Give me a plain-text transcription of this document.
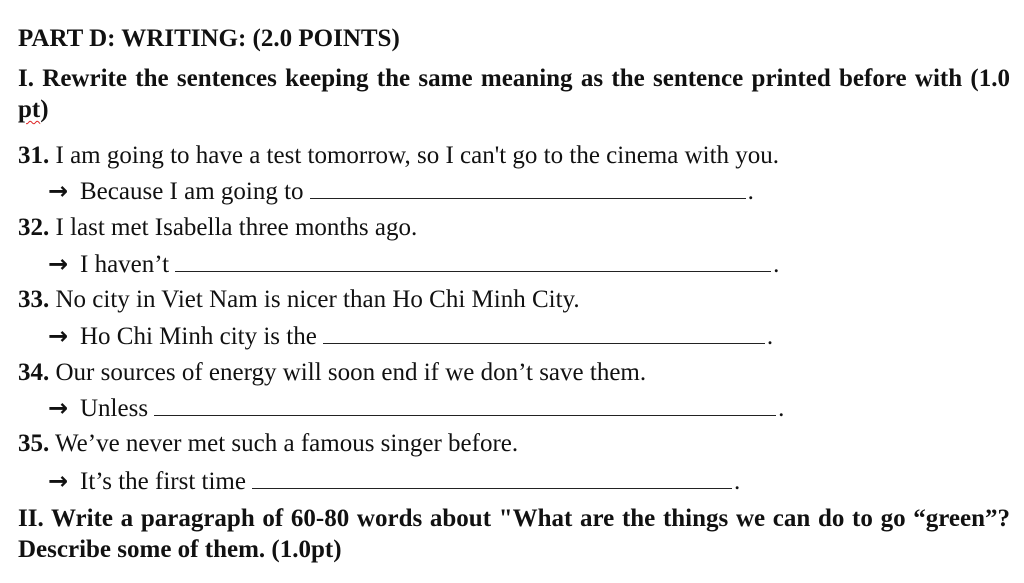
PART D: WRITING: (2.0 POINTS)
I. Rewrite the sentences keeping the same meaning as the sentence printed before with (1.0 pt)
31. I am going to have a test tomorrow, so I can't go to the cinema with you.
→ Because I am going to	.
32. I last met Isabella three months ago.
→ I haven’t	.
33. No city in Viet Nam is nicer than Ho Chi Minh City.
→ Ho Chi Minh city is the	.
34. Our sources of energy will soon end if we don’t save them.
→ Unless	.
35. We’ve never met such a famous singer before.
→ It’s the first time	.
II. Write a paragraph of 60-80 words about "What are the things we can do to go “green”? Describe some of them. (1.0pt)
